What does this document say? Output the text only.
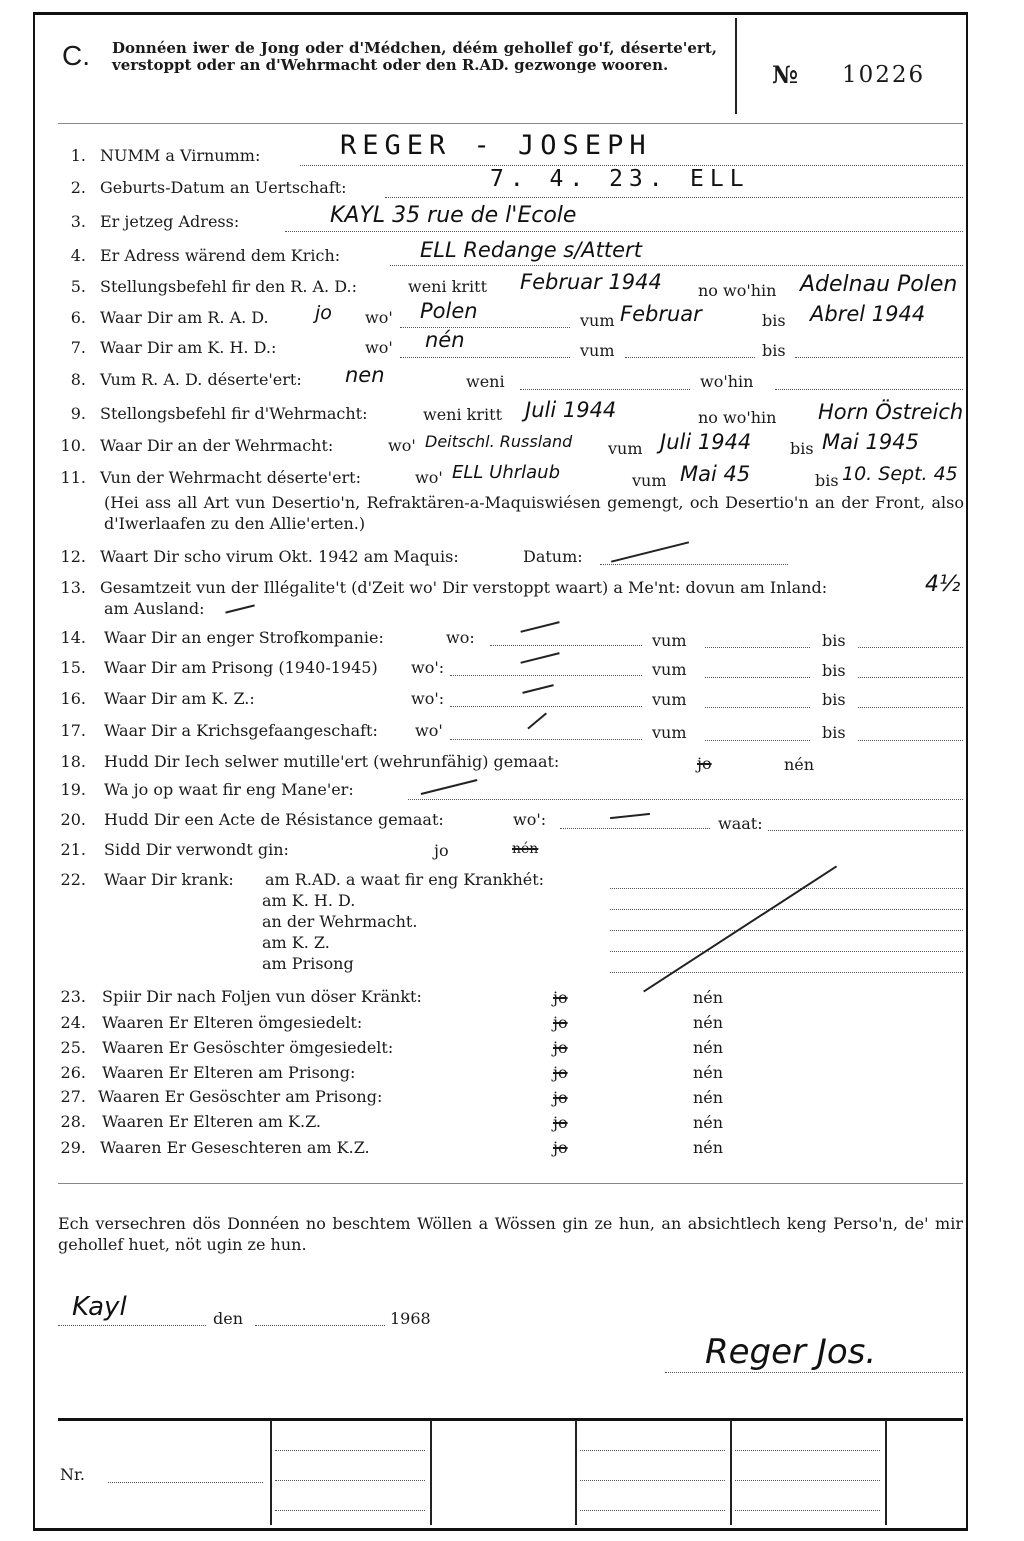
C. Donnéen iwer de Jong oder d'Médchen, déém gehollef go'f, déserte'ert, verstoppt oder an d'Wehrmacht oder den R.AD. gezwonge wooren.	№ 10226
1. NUMM a Virnumm:	REGER - JOSEPH
2. Geburts-Datum an Uertschaft:	7. 4. 23. ELL
3. Er jetzeg Adress:	KAYL 35 rue de l'Ecole
4. Er Adress wärend dem Krich:	ELL Redange s/Attert
5. Stellungsbefehl fir den R. A. D.:	weni kritt Februar 1944 no wo'hin Adelnau Polen
6. Waar Dir am R. A. D. jo wo' Polen	vum Februar	bis Abrel 1944
7. Waar Dir am K. H. D.:	wo' nén	vum	bis
8. Vum R. A. D. déserte'ert: nen	weni	wo'hin
9. Stellongsbefehl fir d'Wehrmacht:	weni kritt Juli 1944	no wo'hin Horn Östreich
10. Waar Dir an der Wehrmacht:	wo' Deitschl. Russland vum Juli 1944 bis Mai 1945
11. Vun der Wehrmacht déserte'ert:	wo' ELL Uhrlaub	vum Mai 45	bis 10. Sept. 45
(Hei ass all Art vun Desertio'n, Refraktären-a-Maquiswiésen gemengt, och Desertio'n an der Front, also d'Iwerlaafen zu den Allie'erten.)
12. Waart Dir scho virum Okt. 1942 am Maquis:	Datum:
13. Gesamtzeit vun der Illégalite't (d'Zeit wo' Dir verstoppt waart) a Me'nt: dovun am Inland:	4½
am Ausland:
14. Waar Dir an enger Strofkompanie:	wo:	vum	bis
15. Waar Dir am Prisong (1940-1945) wo':	vum	bis
16. Waar Dir am K. Z.:	wo':	vum	bis
17. Waar Dir a Krichsgefaangeschaft: wo'	vum	bis
18. Hudd Dir Iech selwer mutille'ert (wehrunfähig) gemaat:	jo	nén
19. Wa jo op waat fir eng Mane'er:
20. Hudd Dir een Acte de Résistance gemaat:	wo':	waat:
21. Sidd Dir verwondt gin:	jo	nén
22. Waar Dir krank: am R.AD. a waat fir eng Krankhét:
am K. H. D.
an der Wehrmacht.
am K. Z.
am Prisong
23. Spiir Dir nach Foljen vun döser Kränkt:	jo	nén
24. Waaren Er Elteren ömgesiedelt:	jo	nén
25. Waaren Er Gesöschter ömgesiedelt:	jo	nén
26. Waaren Er Elteren am Prisong:	jo	nén
27. Waaren Er Gesöschter am Prisong:	jo	nén
28. Waaren Er Elteren am K.Z.	jo	nén
29. Waaren Er Geseschteren am K.Z.	jo	nén
Ech versechren dös Donnéen no beschtem Wöllen a Wössen gin ze hun, an absichtlech keng Perso'n, de' mir gehollef huet, nöt ugin ze hun.
Kayl	den	1968
Reger Jos.
Nr.
